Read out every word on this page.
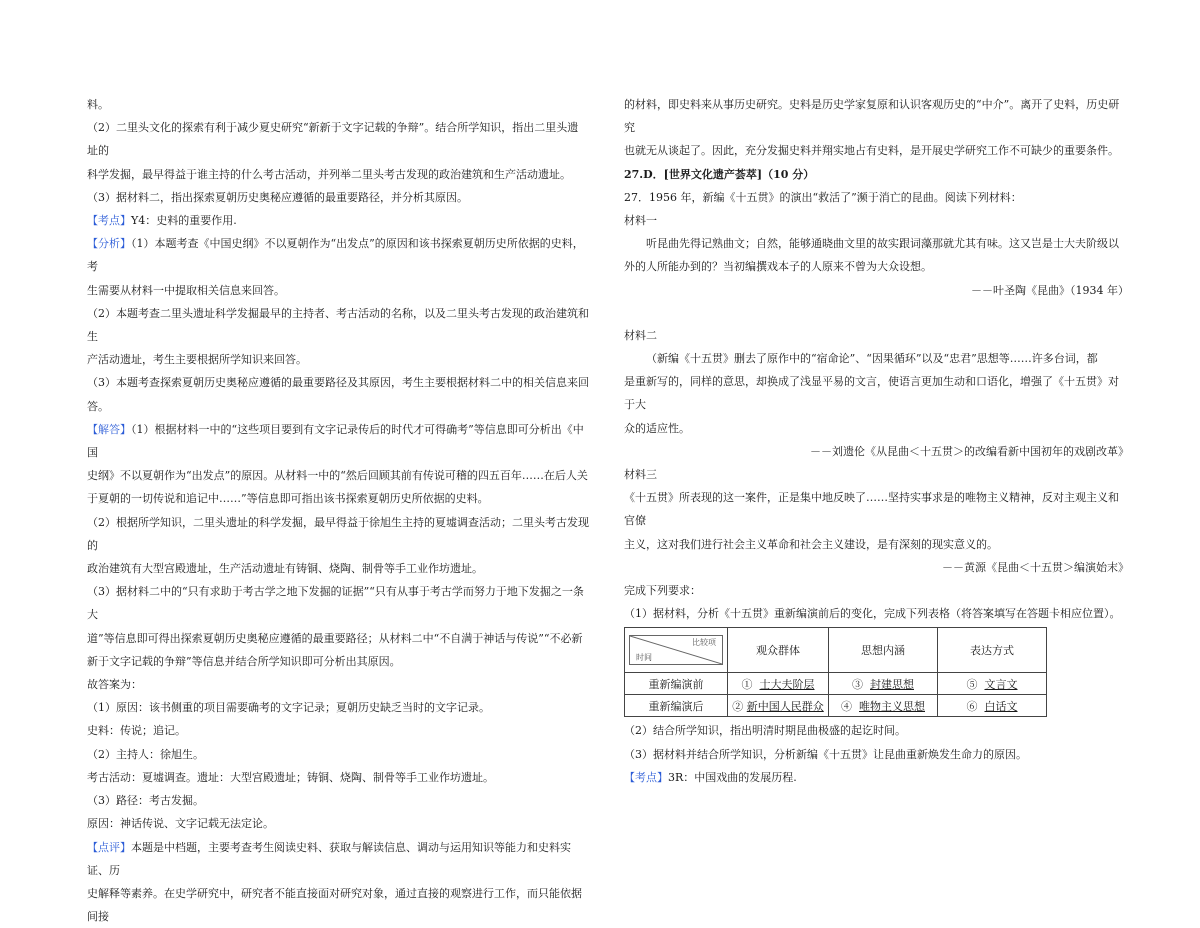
料。

（2）二里头文化的探索有利于减少夏史研究“新新于文字记载的争辩”。结合所学知识，指出二里头遗址的

科学发掘，最早得益于谁主持的什么考古活动，并列举二里头考古发现的政治建筑和生产活动遗址。

（3）据材料二，指出探索夏朝历史奥秘应遵循的最重要路径，并分析其原因。

【考点】Y4：史料的重要作用.

【分析】（1）本题考查《中国史纲》不以夏朝作为“出发点”的原因和该书探索夏朝历史所依据的史料，考

生需要从材料一中提取相关信息来回答。

（2）本题考查二里头遗址科学发掘最早的主持者、考古活动的名称，以及二里头考古发现的政治建筑和生

产活动遗址，考生主要根据所学知识来回答。

（3）本题考查探索夏朝历史奥秘应遵循的最重要路径及其原因，考生主要根据材料二中的相关信息来回

答。

【解答】（1）根据材料一中的“这些项目要到有文字记录传后的时代才可得确考”等信息即可分析出《中国

史纲》不以夏朝作为“出发点”的原因。从材料一中的“然后回顾其前有传说可稽的四五百年……在后人关

于夏朝的一切传说和追记中……”等信息即可指出该书探索夏朝历史所依据的史料。

（2）根据所学知识，二里头遗址的科学发掘，最早得益于徐旭生主持的夏墟调查活动；二里头考古发现的

政治建筑有大型宫殿遗址，生产活动遗址有铸铜、烧陶、制骨等手工业作坊遗址。

（3）据材料二中的“只有求助于考古学之地下发掘的证据”“只有从事于考古学而努力于地下发掘之一条大

道”等信息即可得出探索夏朝历史奥秘应遵循的最重要路径；从材料二中“不自满于神话与传说”“不必新

新于文字记载的争辩”等信息并结合所学知识即可分析出其原因。

故答案为：

（1）原因：该书侧重的项目需要确考的文字记录；夏朝历史缺乏当时的文字记录。

史料：传说；追记。

（2）主持人：徐旭生。

考古活动：夏墟调查。遗址：大型宫殿遗址；铸铜、烧陶、制骨等手工业作坊遗址。

（3）路径：考古发掘。

原因：神话传说、文字记载无法定论。

【点评】本题是中档题，主要考查考生阅读史料、获取与解读信息、调动与运用知识等能力和史料实证、历

史解释等素养。在史学研究中，研究者不能直接面对研究对象，通过直接的观察进行工作，而只能依据间接

的材料，即史料来从事历史研究。史料是历史学家复原和认识客观历史的“中介”。离开了史料，历史研究

也就无从谈起了。因此，充分发掘史料并翔实地占有史料，是开展史学研究工作不可缺少的重要条件。

27.D．[世界文化遗产荟萃]（10 分）

27．1956 年，新编《十五贯》的演出“救活了”濒于消亡的昆曲。阅读下列材料：

材料一

听昆曲先得记熟曲文；自然，能够通晓曲文里的故实跟词藻那就尤其有味。这又岂是士大夫阶级以

外的人所能办到的？当初编撰戏本子的人原来不曾为大众设想。

－－叶圣陶《昆曲》（1934 年）

材料二

（新编《十五贯》删去了原作中的“宿命论”、“因果循环”以及“忠君”思想等……许多台词，都

是重新写的，同样的意思，却换成了浅显平易的文言，使语言更加生动和口语化，增强了《十五贯》对于大

众的适应性。

－－刘遗伦《从昆曲＜十五贯＞的改编看新中国初年的戏剧改革》

材料三

《十五贯》所表现的这一案件，正是集中地反映了……坚持实事求是的唯物主义精神，反对主观主义和官僚

主义，这对我们进行社会主义革命和社会主义建设，是有深刻的现实意义的。

－－黄源《昆曲＜十五贯＞编演始末》

完成下列要求：

（1）据材料，分析《十五贯》重新编演前后的变化，完成下列表格（将答案填写在答题卡相应位置）。

比较项
时间	观众群体	思想内涵	表达方式
重新编演前	① 士大夫阶层	③ 封建思想	⑤ 文言文
重新编演后	② 新中国人民群众	④ 唯物主义思想	⑥ 白话文

（2）结合所学知识，指出明清时期昆曲极盛的起讫时间。

（3）据材料并结合所学知识，分析新编《十五贯》让昆曲重新焕发生命力的原因。

【考点】3R：中国戏曲的发展历程.
